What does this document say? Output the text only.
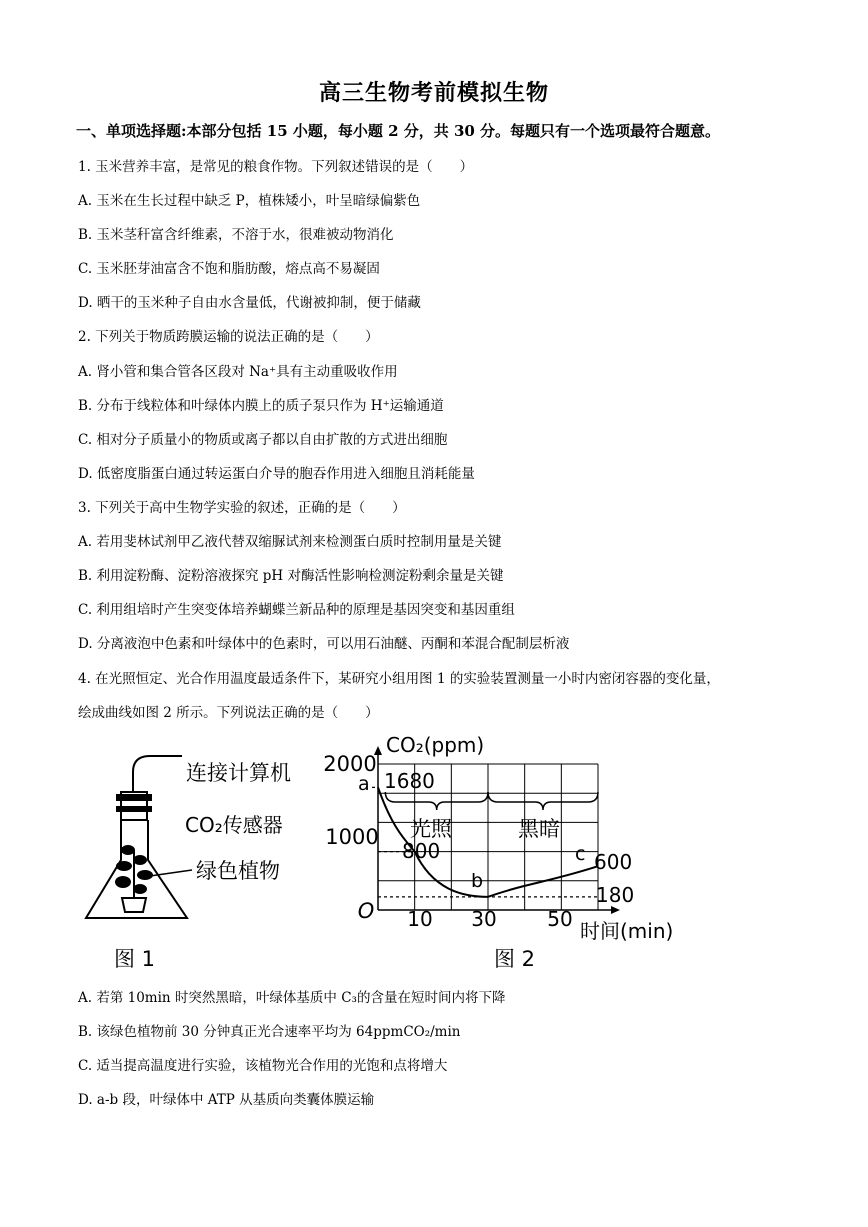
高三生物考前模拟生物
一、单项选择题:本部分包括 15 小题，每小题 2 分，共 30 分。每题只有一个选项最符合题意。
1. 玉米营养丰富，是常见的粮食作物。下列叙述错误的是（　　）
A. 玉米在生长过程中缺乏 P，植株矮小，叶呈暗绿偏紫色
B. 玉米茎秆富含纤维素，不溶于水，很难被动物消化
C. 玉米胚芽油富含不饱和脂肪酸，熔点高不易凝固
D. 晒干的玉米种子自由水含量低，代谢被抑制，便于储藏
2. 下列关于物质跨膜运输的说法正确的是（　　）
A. 肾小管和集合管各区段对 Na⁺具有主动重吸收作用
B. 分布于线粒体和叶绿体内膜上的质子泵只作为 H⁺运输通道
C. 相对分子质量小的物质或离子都以自由扩散的方式进出细胞
D. 低密度脂蛋白通过转运蛋白介导的胞吞作用进入细胞且消耗能量
3. 下列关于高中生物学实验的叙述，正确的是（　　）
A. 若用斐林试剂甲乙液代替双缩脲试剂来检测蛋白质时控制用量是关键
B. 利用淀粉酶、淀粉溶液探究 pH 对酶活性影响检测淀粉剩余量是关键
C. 利用组培时产生突变体培养蝴蝶兰新品种的原理是基因突变和基因重组
D. 分离液泡中色素和叶绿体中的色素时，可以用石油醚、丙酮和苯混合配制层析液
4. 在光照恒定、光合作用温度最适条件下，某研究小组用图 1 的实验装置测量一小时内密闭容器的变化量，
绘成曲线如图 2 所示。下列说法正确的是（　　）
连接计算机
CO₂传感器
绿色植物
图 1
2000
1000
O 10 30	50
CO₂(ppm)
时间(min)
a 1680
800
b
180
c 600
光照	黑暗
图 2
A. 若第 10min 时突然黑暗，叶绿体基质中 C₃的含量在短时间内将下降
B. 该绿色植物前 30 分钟真正光合速率平均为 64ppmCO₂/min
C. 适当提高温度进行实验，该植物光合作用的光饱和点将增大
D. a-b 段，叶绿体中 ATP 从基质向类囊体膜运输
